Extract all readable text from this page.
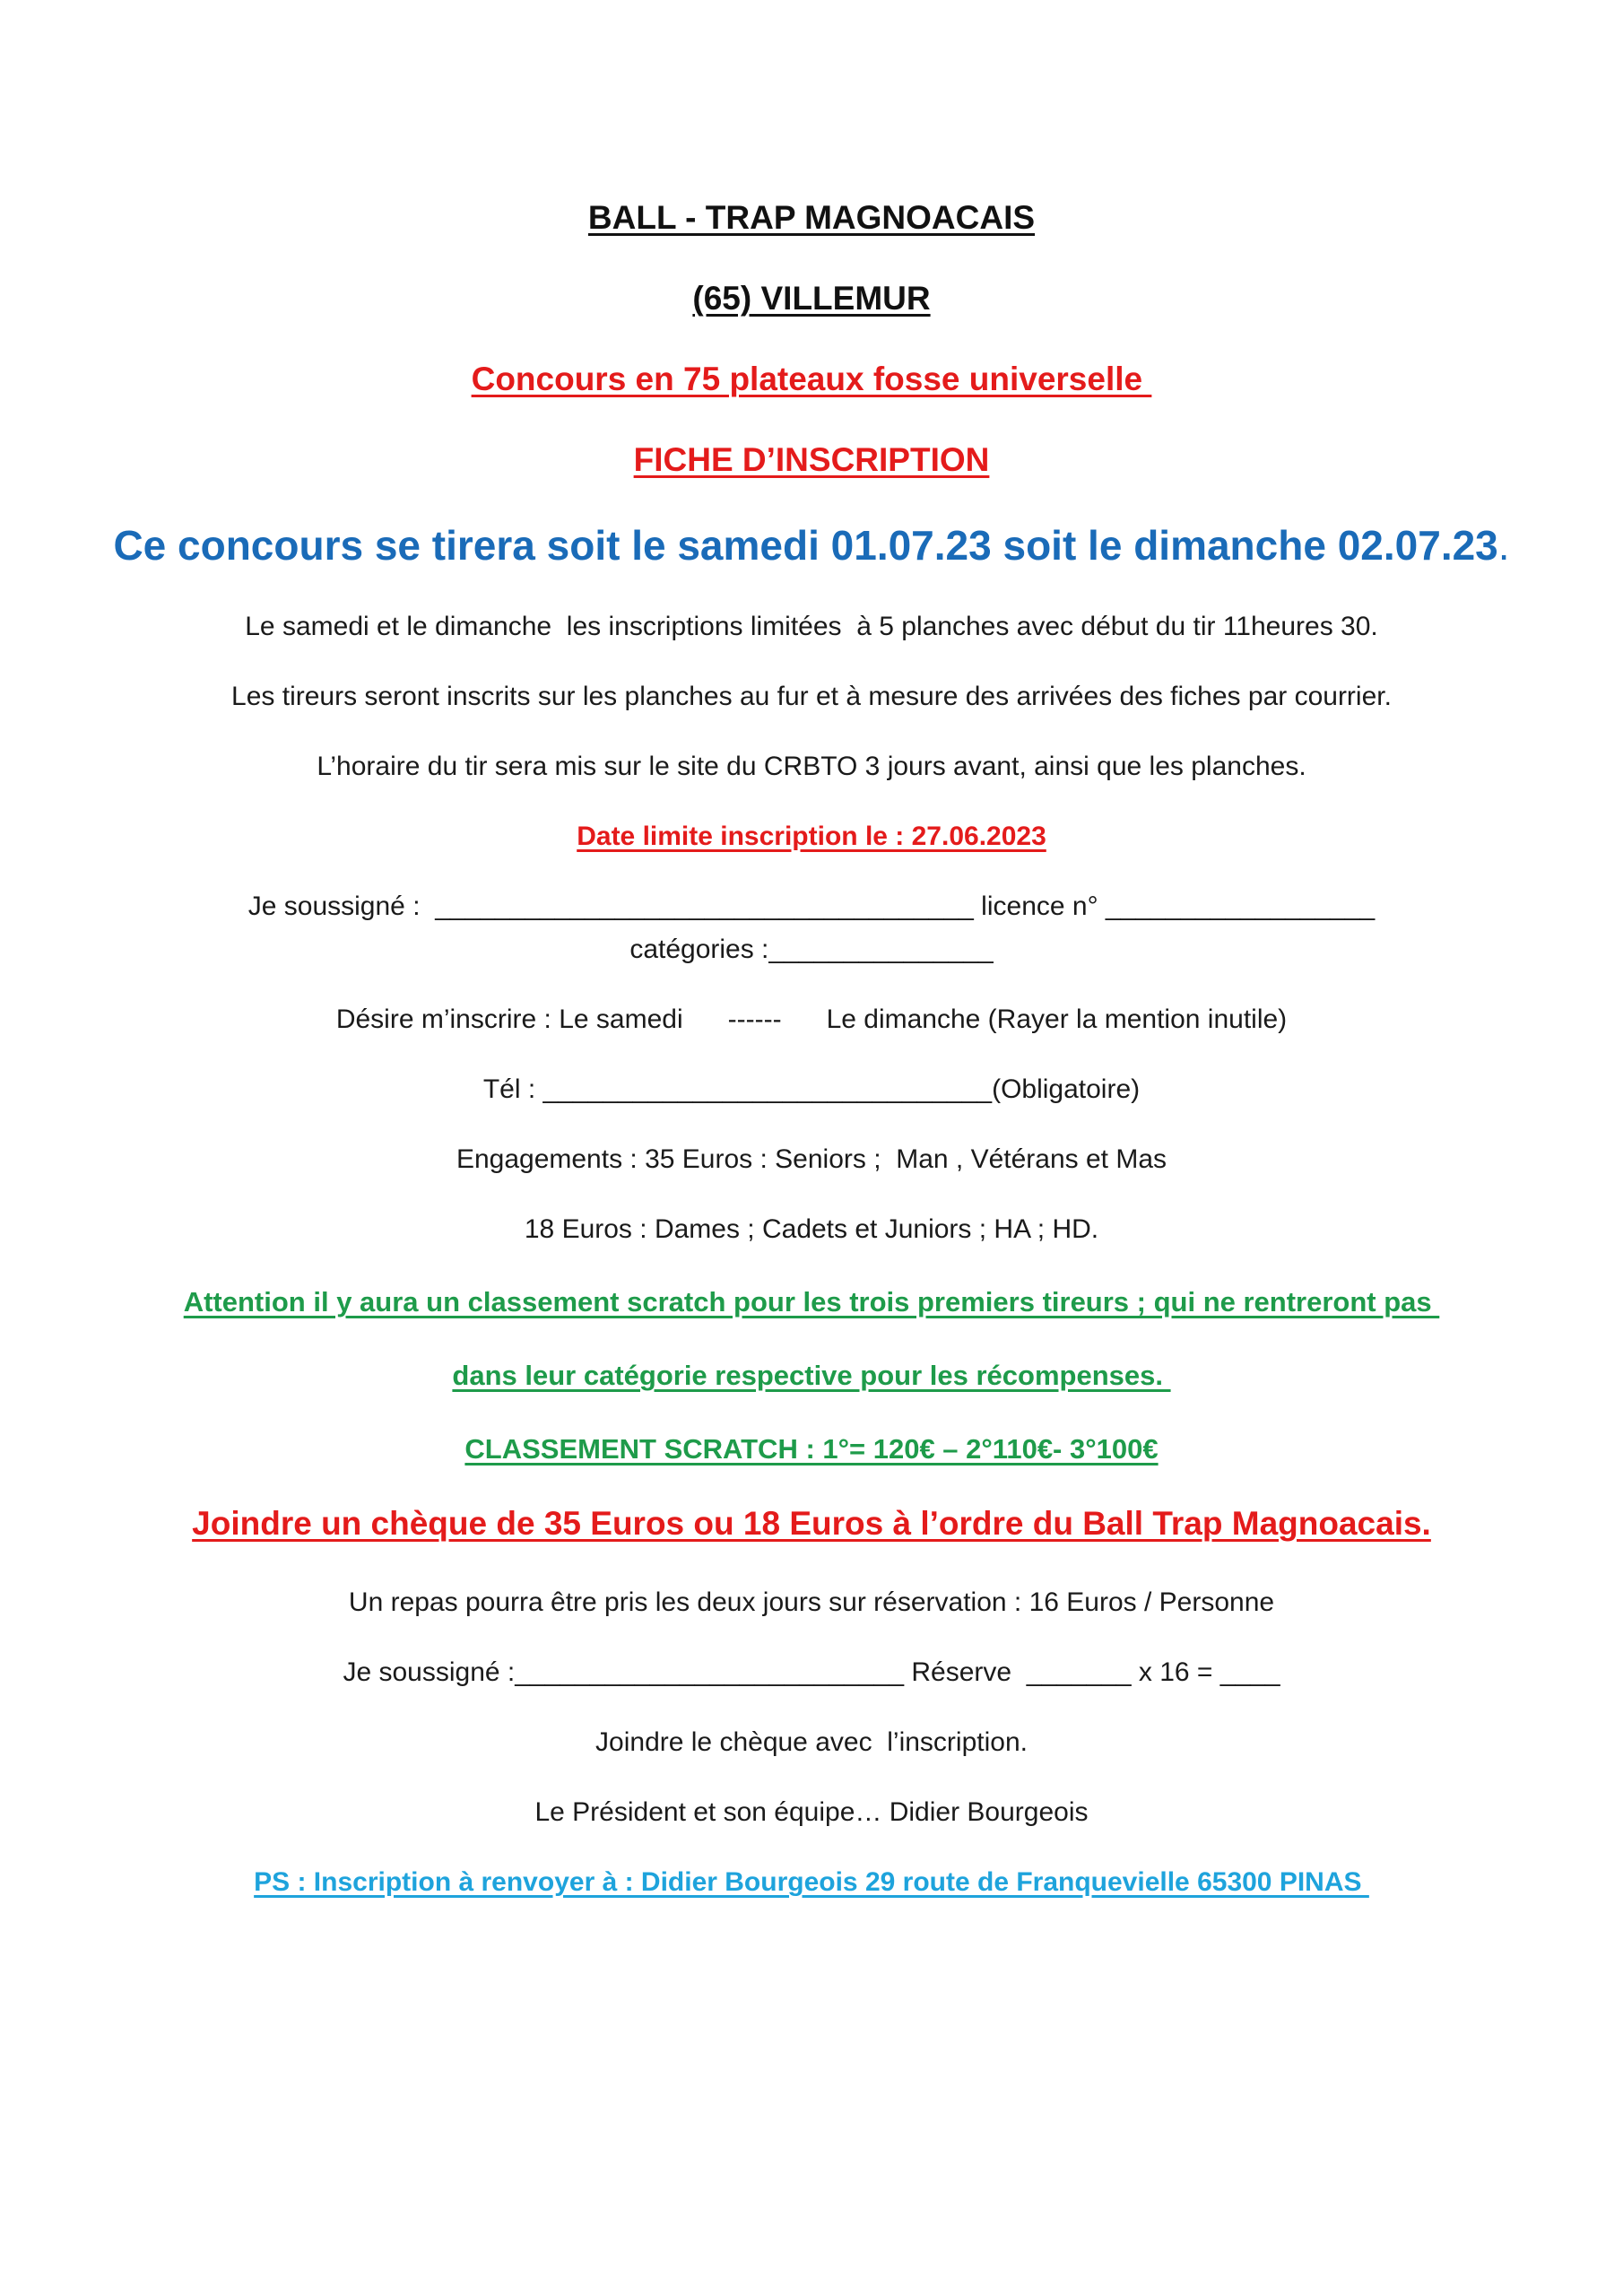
BALL - TRAP MAGNOACAIS
(65) VILLEMUR
Concours en 75 plateaux fosse universelle
FICHE D’INSCRIPTION
Ce concours se tirera soit le samedi 01.07.23 soit le dimanche 02.07.23.
Le samedi et le dimanche  les inscriptions limitées  à 5 planches avec début du tir 11heures 30.
Les tireurs seront inscrits sur les planches au fur et à mesure des arrivées des fiches par courrier.
L’horaire du tir sera mis sur le site du CRBTO 3 jours avant, ainsi que les planches.
Date limite inscription le : 27.06.2023
Je soussigné :  ____________________________________ licence n° __________________
catégories :_______________
Désire m’inscrire : Le samedi      ------      Le dimanche (Rayer la mention inutile)
Tél : ______________________________(Obligatoire)
Engagements : 35 Euros : Seniors ;  Man , Vétérans et Mas
18 Euros : Dames ; Cadets et Juniors ; HA ; HD.
Attention il y aura un classement scratch pour les trois premiers tireurs ; qui ne rentreront pas
dans leur catégorie respective pour les récompenses.
CLASSEMENT SCRATCH : 1°= 120€ – 2°110€- 3°100€
Joindre un chèque de 35 Euros ou 18 Euros à l’ordre du Ball Trap Magnoacais.
Un repas pourra être pris les deux jours sur réservation : 16 Euros / Personne
Je soussigné :__________________________ Réserve  _______ x 16 = ____
Joindre le chèque avec  l’inscription.
Le Président et son équipe… Didier Bourgeois
PS : Inscription à renvoyer à : Didier Bourgeois 29 route de Franquevielle 65300 PINAS
